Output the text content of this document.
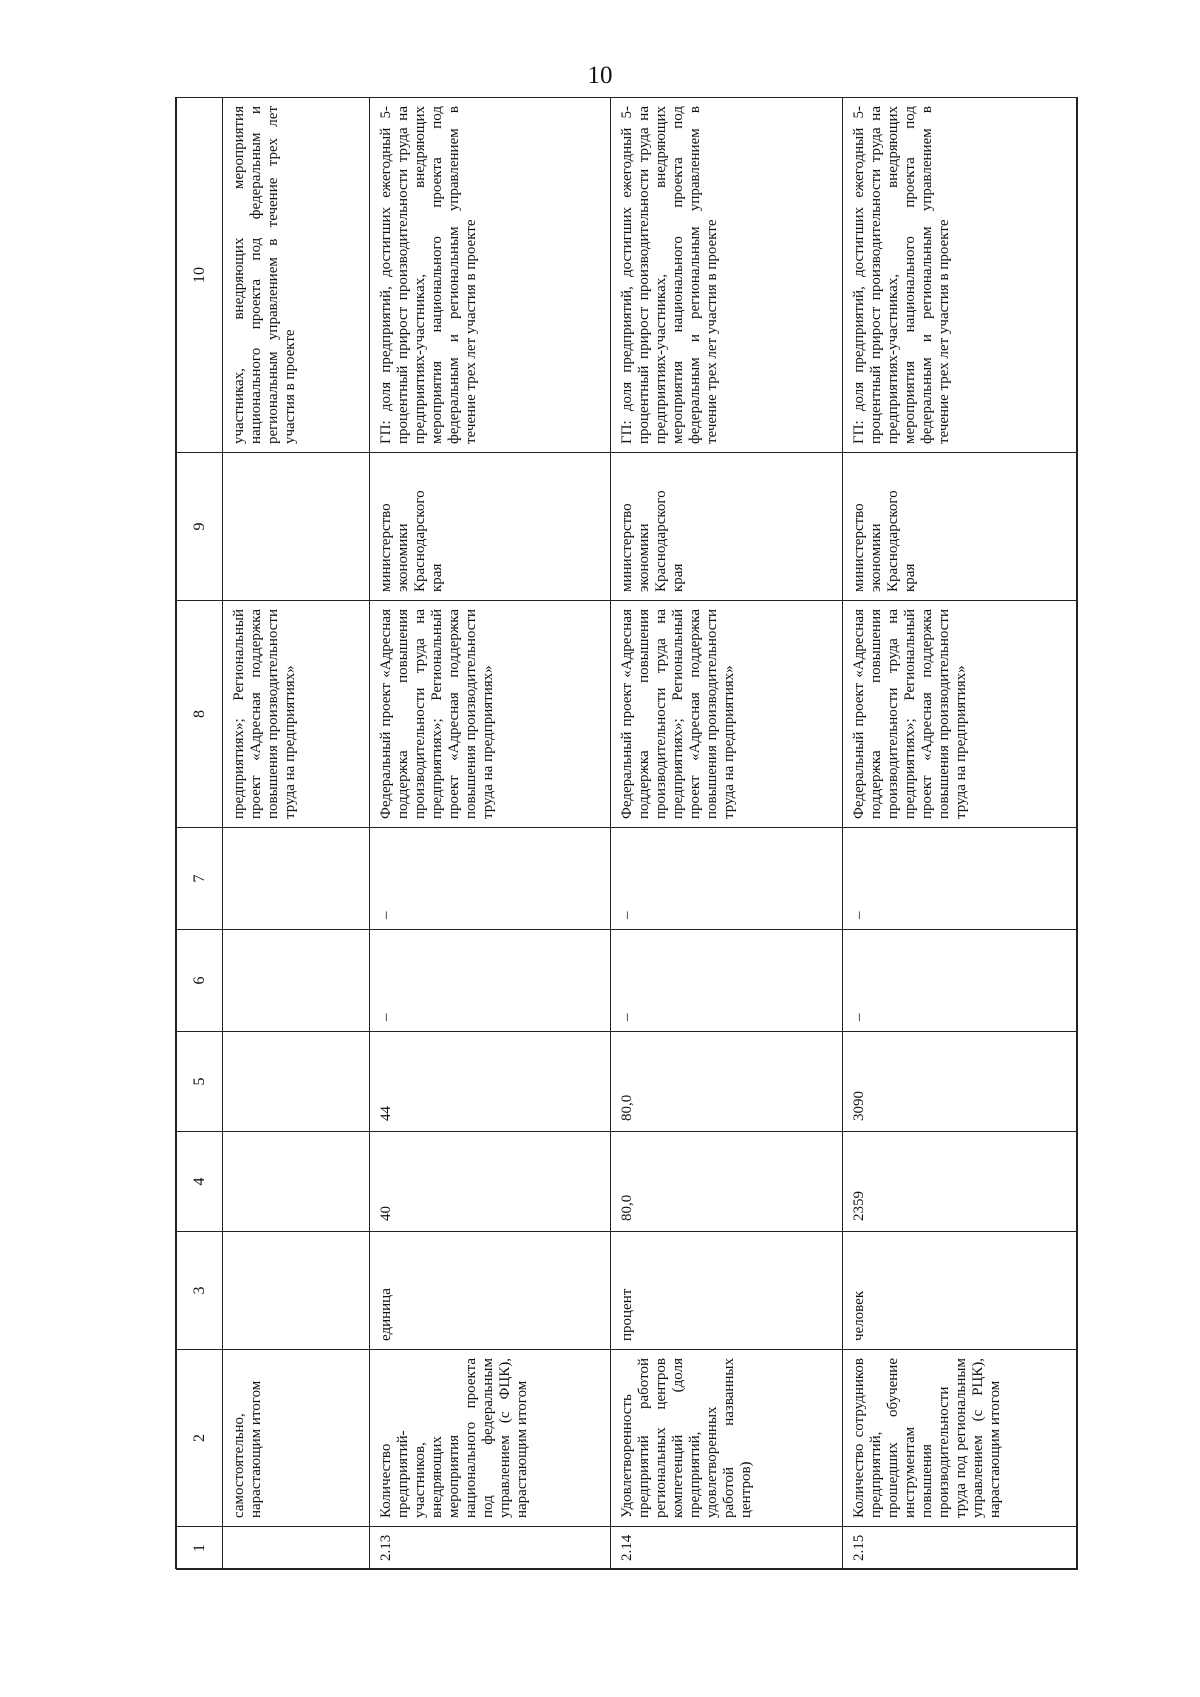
10
1	2	3	4	5	6	7	8	9	10
	самостоятельно, нарастающим итогом						предприятиях»; Региональный проект «Адресная поддержка повышения производительности труда на предприятиях»		участниках, внедряющих мероприятия национального проекта под федеральным и региональным управлением в течение трех лет участия в проекте
2.13	Количество предприятий-участников, внедряющих мероприятия национального проекта под федеральным управлением (с ФЦК), нарастающим итогом	единица	40	44	–	–	Федеральный проект «Адресная поддержка повышения производительности труда на предприятиях»; Региональный проект «Адресная поддержка повышения производительности труда на предприятиях»	министерство экономики Краснодарского края	ГП: доля предприятий, достигших ежегодный 5-процентный прирост производительности труда на предприятиях-участниках, внедряющих мероприятия национального проекта под федеральным и региональным управлением в течение трех лет участия в проекте
2.14	Удовлетворенность предприятий работой региональных центров компетенций (доля предприятий, удовлетворенных работой названных центров)	процент	80,0	80,0	–	–	Федеральный проект «Адресная поддержка повышения производительности труда на предприятиях»; Региональный проект «Адресная поддержка повышения производительности труда на предприятиях»	министерство экономики Краснодарского края	ГП: доля предприятий, достигших ежегодный 5-процентный прирост производительности труда на предприятиях-участниках, внедряющих мероприятия национального проекта под федеральным и региональным управлением в течение трех лет участия в проекте
2.15	Количество сотрудников предприятий, прошедших обучение инструментам повышения производительности труда под региональным управлением (с РЦК), нарастающим итогом	человек	2359	3090	–	–	Федеральный проект «Адресная поддержка повышения производительности труда на предприятиях»; Региональный проект «Адресная поддержка повышения производительности труда на предприятиях»	министерство экономики Краснодарского края	ГП: доля предприятий, достигших ежегодный 5-процентный прирост производительности труда на предприятиях-участниках, внедряющих мероприятия национального проекта под федеральным и региональным управлением в течение трех лет участия в проекте
